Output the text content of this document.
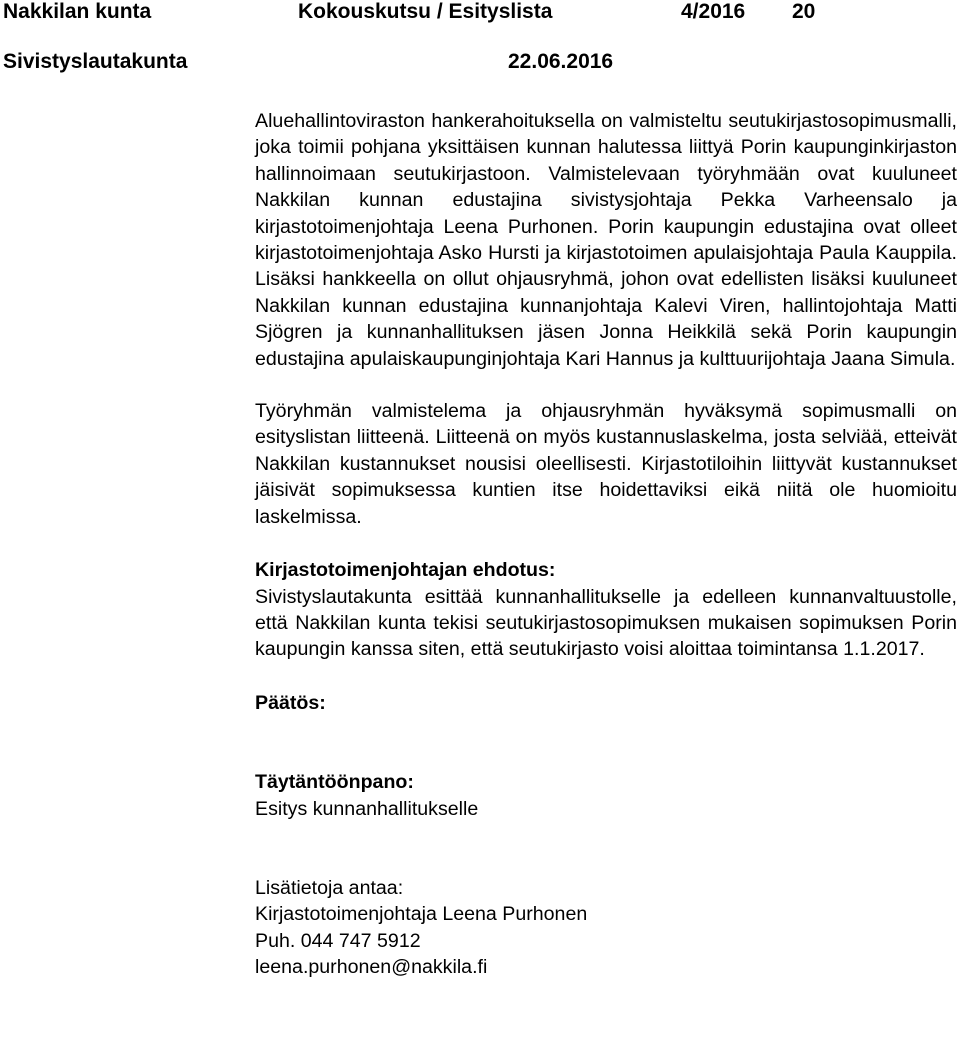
Nakkilan kunta	Kokouskutsu / Esityslista	4/2016 20
Sivistyslautakunta	22.06.2016

Aluehallintoviraston hankerahoituksella on valmisteltu seutukirjastosopimusmalli, joka toimii pohjana yksittäisen kunnan halutessa liittyä Porin kaupunginkirjaston hallinnoimaan seutukirjastoon. Valmistelevaan työryhmään ovat kuuluneet Nakkilan kunnan edustajina sivistysjohtaja Pekka Varheensalo ja kirjastotoimenjohtaja Leena Purhonen. Porin kaupungin edustajina ovat olleet kirjastotoimenjohtaja Asko Hursti ja kirjastotoimen apulaisjohtaja Paula Kauppila. Lisäksi hankkeella on ollut ohjausryhmä, johon ovat edellisten lisäksi kuuluneet Nakkilan kunnan edustajina kunnanjohtaja Kalevi Viren, hallintojohtaja Matti Sjögren ja kunnanhallituksen jäsen Jonna Heikkilä sekä Porin kaupungin edustajina apulaiskaupunginjohtaja Kari Hannus ja kulttuurijohtaja Jaana Simula.

Työryhmän valmistelema ja ohjausryhmän hyväksymä sopimusmalli on esityslistan liitteenä. Liitteenä on myös kustannuslaskelma, josta selviää, etteivät Nakkilan kustannukset nousisi oleellisesti. Kirjastotiloihin liittyvät kustannukset jäisivät sopimuksessa kuntien itse hoidettaviksi eikä niitä ole huomioitu laskelmissa.

Kirjastotoimenjohtajan ehdotus:

Sivistyslautakunta esittää kunnanhallitukselle ja edelleen kunnanvaltuustolle, että Nakkilan kunta tekisi seutukirjastosopimuksen mukaisen sopimuksen Porin kaupungin kanssa siten, että seutukirjasto voisi aloittaa toimintansa 1.1.2017.

Päätös:

Täytäntöönpano:

Esitys kunnanhallitukselle

Lisätietoja antaa:

Kirjastotoimenjohtaja Leena Purhonen

Puh. 044 747 5912

leena.purhonen@nakkila.fi
